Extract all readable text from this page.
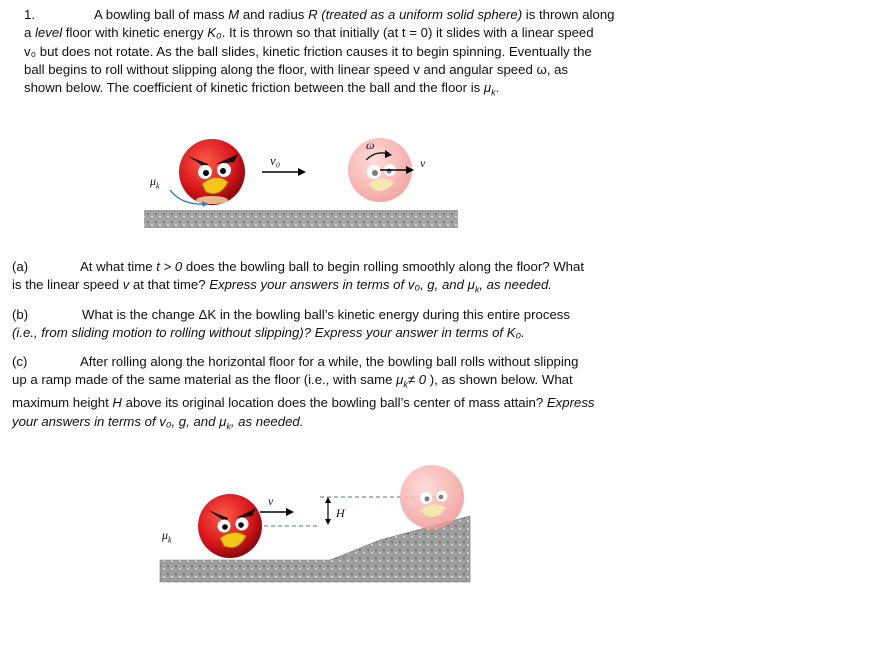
1.	A bowling ball of mass M and radius R (treated as a uniform solid sphere) is thrown along
a level floor with kinetic energy K₀. It is thrown so that initially (at t = 0) it slides with a linear speed
v₀ but does not rotate. As the ball slides, kinetic friction causes it to begin spinning. Eventually the
ball begins to roll without slipping along the floor, with linear speed v and angular speed ω, as
shown below. The coefficient of kinetic friction between the ball and the floor is $\mu_k$.
v₀
ω
v
$\mu_k$
(a)	At what time t > 0 does the bowling ball to begin rolling smoothly along the floor? What
is the linear speed v at that time? Express your answers in terms of v₀, g, and $\mu_k$, as needed.
(b)	What is the change ΔK in the bowling ball’s kinetic energy during this entire process
(i.e., from sliding motion to rolling without slipping)? Express your answer in terms of K₀.
(c)	After rolling along the horizontal floor for a while, the bowling ball rolls without slipping
up a ramp made of the same material as the floor (i.e., with same $\mu_k\ne 0$ ), as shown below. What
maximum height H above its original location does the bowling ball’s center of mass attain? Express
your answers in terms of v₀, g, and $\mu_k$, as needed.
v
H
$\mu_k$
